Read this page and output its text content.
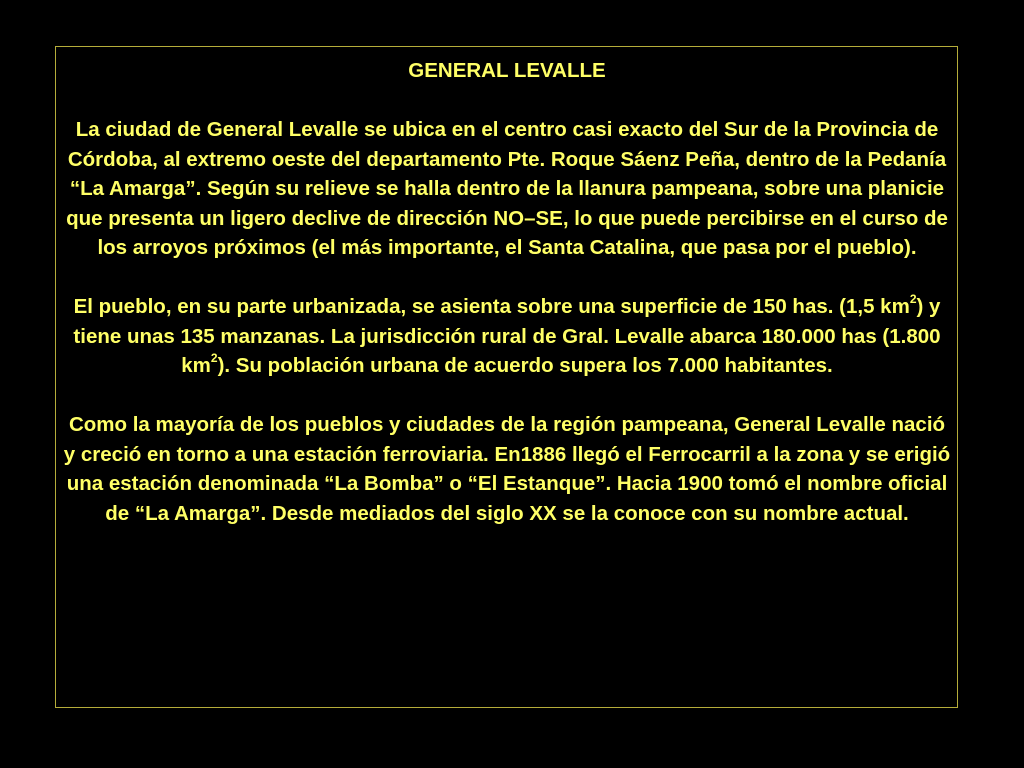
GENERAL LEVALLE

La ciudad de General Levalle se ubica en el centro casi exacto del Sur de la Provincia de Córdoba, al extremo oeste del departamento Pte. Roque Sáenz Peña, dentro de la Pedanía “La Amarga”. Según su relieve se halla dentro de la llanura pampeana, sobre una planicie que presenta un ligero declive de dirección NO–SE, lo que puede percibirse en el curso de los arroyos próximos (el más importante, el Santa Catalina, que pasa por el pueblo).

El pueblo, en su parte urbanizada, se asienta sobre una superficie de 150 has. (1,5 $km^2$) y tiene unas 135 manzanas. La jurisdicción rural de Gral. Levalle abarca 180.000 has (1.800 $km^2$). Su población urbana de acuerdo supera los 7.000 habitantes.

Como la mayoría de los pueblos y ciudades de la región pampeana, General Levalle nació y creció en torno a una estación ferroviaria. En1886 llegó el Ferrocarril a la zona y se erigió una estación denominada “La Bomba” o “El Estanque”. Hacia 1900 tomó el nombre oficial de “La Amarga”. Desde mediados del siglo XX se la conoce con su nombre actual.
